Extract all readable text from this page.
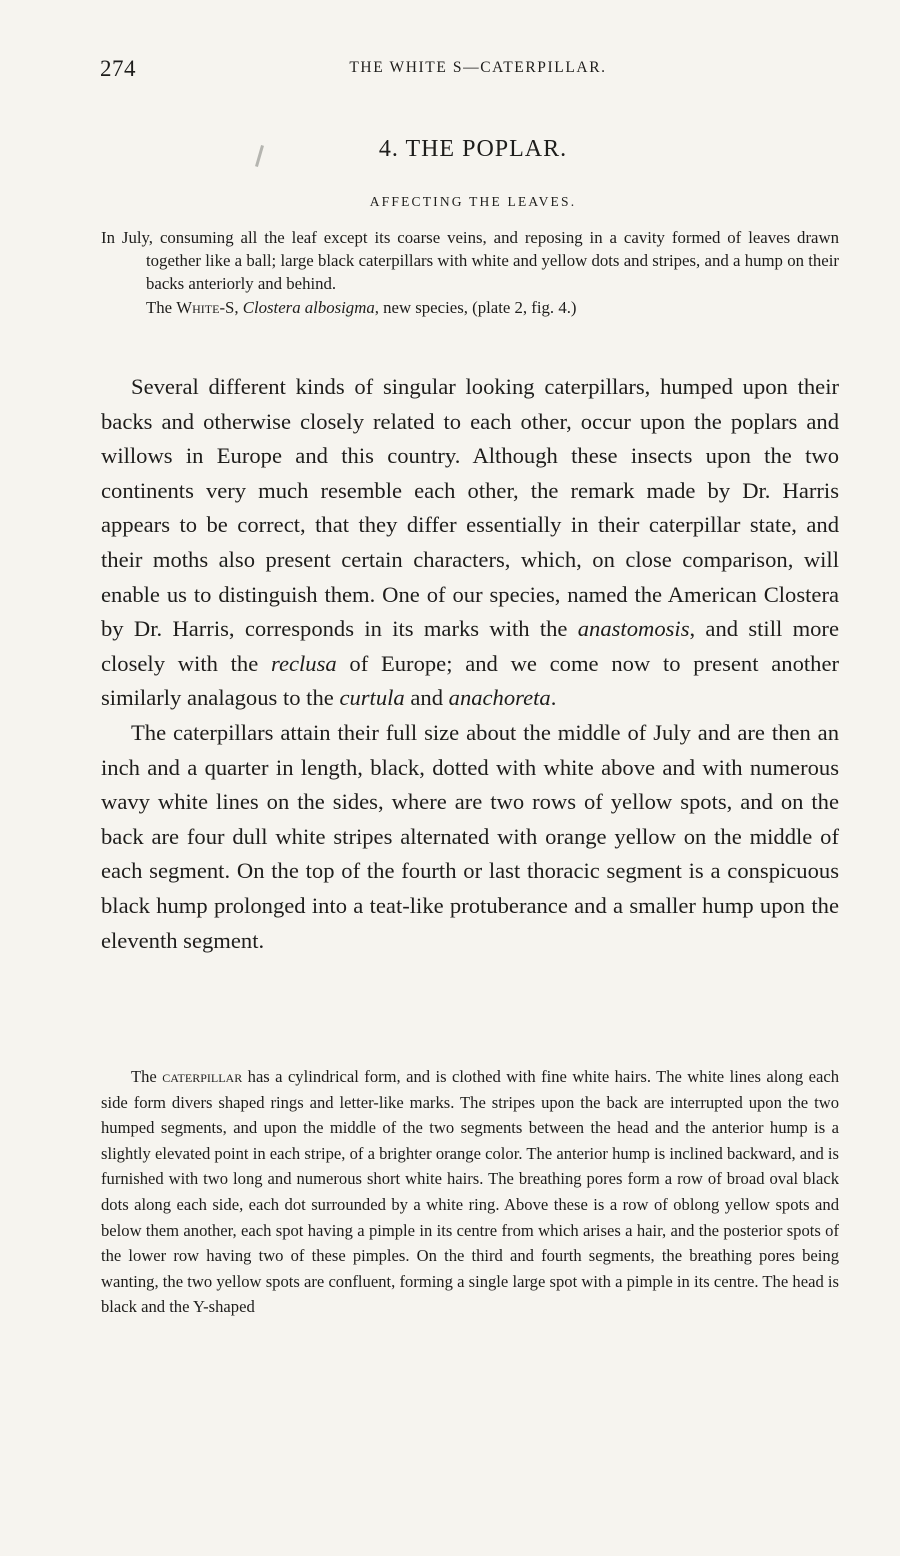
274	THE WHITE S—CATERPILLAR.
4. THE POPLAR.
AFFECTING THE LEAVES.

In July, consuming all the leaf except its coarse veins, and reposing in a cavity formed of leaves drawn together like a ball; large black caterpillars with white and yellow dots and stripes, and a hump on their backs anteriorly and behind.

The White-S, Clostera albosigma, new species, (plate 2, fig. 4.)

Several different kinds of singular looking caterpillars, humped upon their backs and otherwise closely related to each other, occur upon the poplars and willows in Europe and this country. Although these insects upon the two continents very much resemble each other, the remark made by Dr. Harris appears to be correct, that they differ essentially in their caterpillar state, and their moths also present certain characters, which, on close comparison, will enable us to distinguish them. One of our species, named the American Clostera by Dr. Harris, corresponds in its marks with the anastomosis, and still more closely with the reclusa of Europe; and we come now to present another similarly analagous to the curtula and anachoreta.

The caterpillars attain their full size about the middle of July and are then an inch and a quarter in length, black, dotted with white above and with numerous wavy white lines on the sides, where are two rows of yellow spots, and on the back are four dull white stripes alternated with orange yellow on the middle of each segment. On the top of the fourth or last thoracic segment is a conspicuous black hump prolonged into a teat-like protuberance and a smaller hump upon the eleventh segment.

The caterpillar has a cylindrical form, and is clothed with fine white hairs. The white lines along each side form divers shaped rings and letter-like marks. The stripes upon the back are interrupted upon the two humped segments, and upon the middle of the two segments between the head and the anterior hump is a slightly elevated point in each stripe, of a brighter orange color. The anterior hump is inclined backward, and is furnished with two long and numerous short white hairs. The breathing pores form a row of broad oval black dots along each side, each dot surrounded by a white ring. Above these is a row of oblong yellow spots and below them another, each spot having a pimple in its centre from which arises a hair, and the posterior spots of the lower row having two of these pimples. On the third and fourth segments, the breathing pores being wanting, the two yellow spots are confluent, forming a single large spot with a pimple in its centre. The head is black and the Y-shaped
